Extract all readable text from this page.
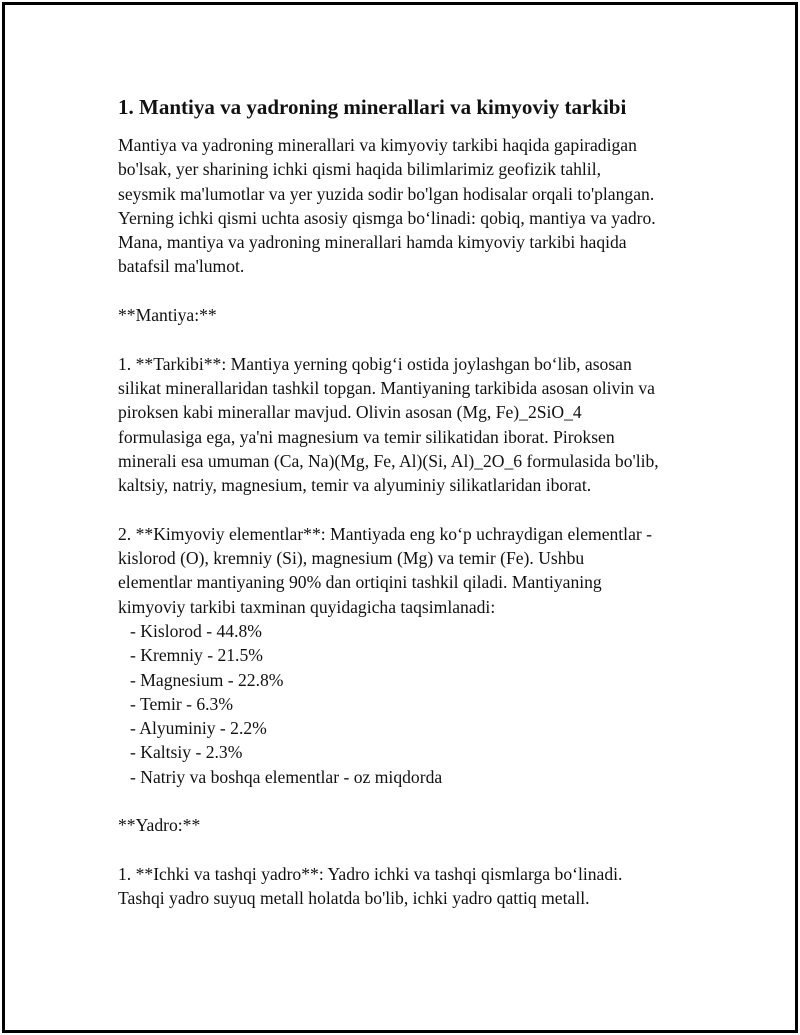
1. Mantiya va yadroning minerallari va kimyoviy tarkibi
Mantiya va yadroning minerallari va kimyoviy tarkibi haqida gapiradigan
bo'lsak, yer sharining ichki qismi haqida bilimlarimiz geofizik tahlil,
seysmik ma'lumotlar va yer yuzida sodir bo'lgan hodisalar orqali to'plangan.
Yerning ichki qismi uchta asosiy qismga bo‘linadi: qobiq, mantiya va yadro.
Mana, mantiya va yadroning minerallari hamda kimyoviy tarkibi haqida
batafsil ma'lumot.
**Mantiya:**
1. **Tarkibi**: Mantiya yerning qobig‘i ostida joylashgan bo‘lib, asosan
silikat minerallaridan tashkil topgan. Mantiyaning tarkibida asosan olivin va
piroksen kabi minerallar mavjud. Olivin asosan (Mg, Fe)_2SiO_4
formulasiga ega, ya'ni magnesium va temir silikatidan iborat. Piroksen
minerali esa umuman (Ca, Na)(Mg, Fe, Al)(Si, Al)_2O_6 formulasida bo'lib,
kaltsiy, natriy, magnesium, temir va alyuminiy silikatlaridan iborat.
2. **Kimyoviy elementlar**: Mantiyada eng ko‘p uchraydigan elementlar -
kislorod (O), kremniy (Si), magnesium (Mg) va temir (Fe). Ushbu
elementlar mantiyaning 90% dan ortiqini tashkil qiladi. Mantiyaning
kimyoviy tarkibi taxminan quyidagicha taqsimlanadi:
- Kislorod - 44.8%
- Kremniy - 21.5%
- Magnesium - 22.8%
- Temir - 6.3%
- Alyuminiy - 2.2%
- Kaltsiy - 2.3%
- Natriy va boshqa elementlar - oz miqdorda
**Yadro:**
1. **Ichki va tashqi yadro**: Yadro ichki va tashqi qismlarga bo‘linadi.
Tashqi yadro suyuq metall holatda bo'lib, ichki yadro qattiq metall.
